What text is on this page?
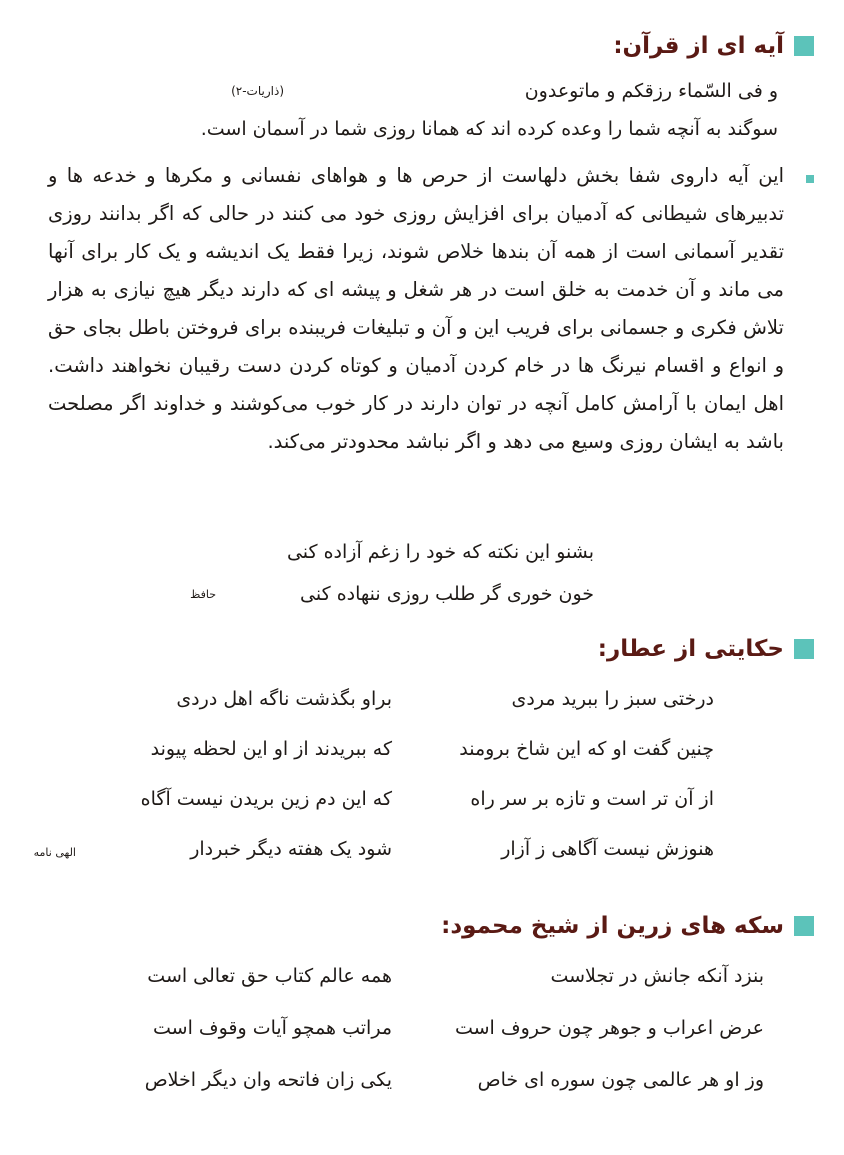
آیه ای از قرآن:
و فی السّماء رزقکم و ماتوعدون
(ذاریات-۲)
سوگند به آنچه شما را وعده کرده اند که همانا روزی شما در آسمان است.
این آیه داروی شفا بخش دلهاست از حرص ها و هواهای نفسانی و مکرها و خدعه ها و تدبیرهای شیطانی که آدمیان برای افزایش روزی خود می کنند در حالی که اگر بدانند روزی تقدیر آسمانی است از همه آن بندها خلاص شوند، زیرا فقط یک اندیشه و یک کار برای آنها می ماند و آن خدمت به خلق است در هر شغل و پیشه ای که دارند دیگر هیچ نیازی به هزار تلاش فکری و جسمانی برای فریب این و آن و تبلیغات فریبنده برای فروختن باطل بجای حق و انواع و اقسام نیرنگ ها در خام کردن آدمیان و کوتاه کردن دست رقیبان نخواهند داشت. اهل ایمان با آرامش کامل آنچه در توان دارند در کار خوب می‌کوشند و خداوند اگر مصلحت باشد به ایشان روزی وسیع می دهد و اگر نباشد محدودتر می‌کند.
بشنو این نکته که خود را زغم آزاده کنی
خون خوری گر طلب روزی ننهاده کنی
حافظ
حکایتی از عطار:
درختی سبز را ببرید مردی
براو بگذشت ناگه اهل دردی
چنین گفت او که این شاخ برومند
که ببریدند از او این لحظه پیوند
از آن تر است و تازه بر سر راه
که این دم زین بریدن نیست آگاه
هنوزش نیست آگاهی ز آزار
شود یک هفته دیگر خبردار
الهی نامه
سکه های زرین از شیخ محمود:
بنزد آنکه جانش در تجلاست
همه عالم کتاب حق تعالی است
عرض اعراب و جوهر چون حروف است
مراتب همچو آیات وقوف است
وز او هر عالمی چون سوره ای خاص
یکی زان فاتحه وان دیگر اخلاص
